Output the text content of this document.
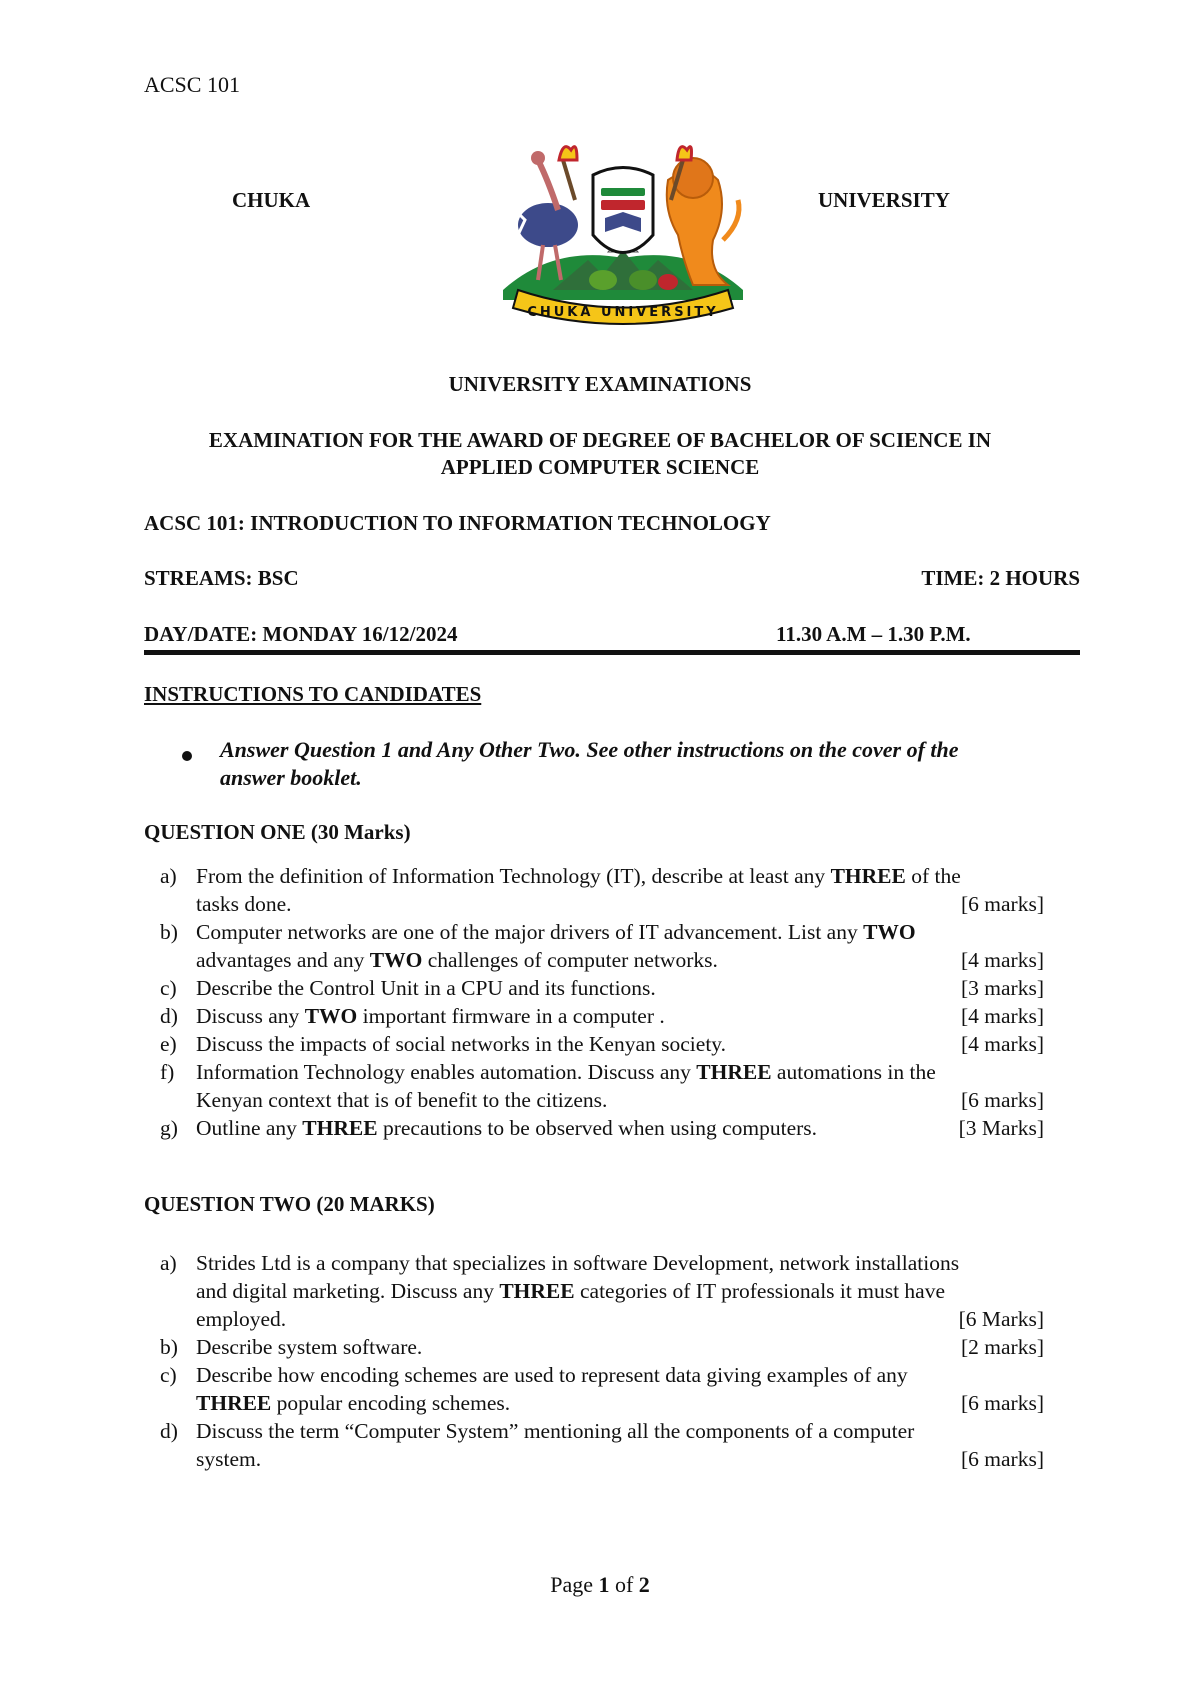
ACSC 101
CHUKA	UNIVERSITY
CHUKA UNIVERSITY
UNIVERSITY EXAMINATIONS
EXAMINATION FOR THE AWARD OF DEGREE OF BACHELOR OF SCIENCE IN
APPLIED COMPUTER SCIENCE
ACSC 101: INTRODUCTION TO INFORMATION TECHNOLOGY
STREAMS: BSC	TIME: 2 HOURS
DAY/DATE: MONDAY 16/12/2024	11.30 A.M – 1.30 P.M.
INSTRUCTIONS TO CANDIDATES
Answer Question 1 and Any Other Two. See other instructions on the cover of the
answer booklet.
QUESTION ONE (30 Marks)
a) From the definition of Information Technology (IT), describe at least any THREE of the
tasks done.	[6 marks]
b) Computer networks are one of the major drivers of IT advancement. List any TWO
advantages and any TWO challenges of computer networks.	[4 marks]
c) Describe the Control Unit in a CPU and its functions.	[3 marks]
d) Discuss any TWO important firmware in a computer .	[4 marks]
e) Discuss the impacts of social networks in the Kenyan society.	[4 marks]
f) Information Technology enables automation. Discuss any THREE automations in the
Kenyan context that is of benefit to the citizens.	[6 marks]
g) Outline any THREE precautions to be observed when using computers.	[3 Marks]
QUESTION TWO (20 MARKS)
a) Strides Ltd is a company that specializes in software Development, network installations
and digital marketing. Discuss any THREE categories of IT professionals it must have
employed.	[6 Marks]
b) Describe system software.	[2 marks]
c) Describe how encoding schemes are used to represent data giving examples of any
THREE popular encoding schemes.	[6 marks]
d) Discuss the term “Computer System” mentioning all the components of a computer
system.	[6 marks]
Page 1 of 2
